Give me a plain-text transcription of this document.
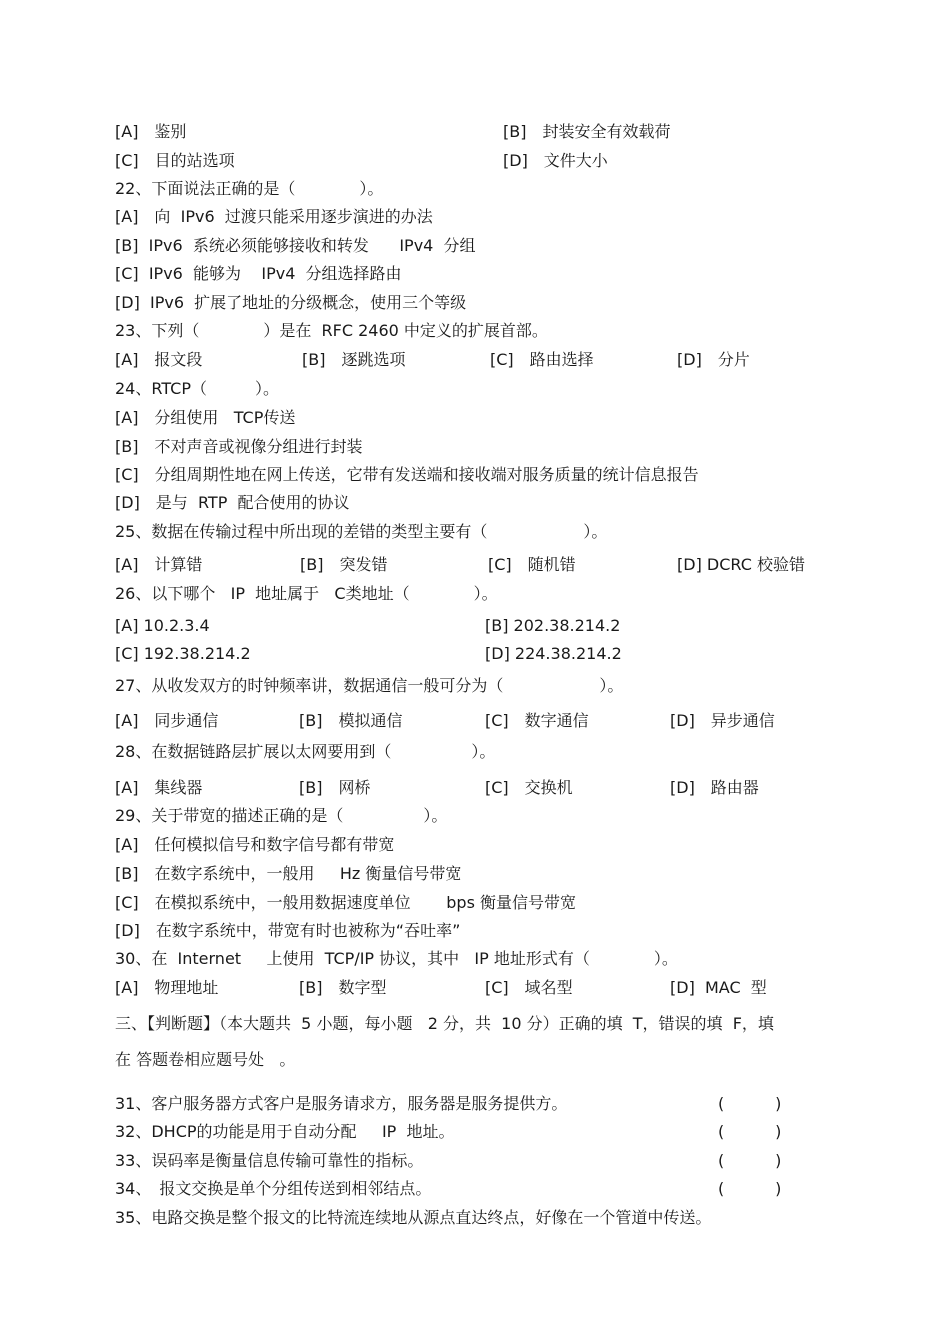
[A]　鉴别	[B]　封装安全有效载荷
[C]　目的站选项	[D]　文件大小
22、下面说法正确的是（　　　　）。
[A]　向  IPv6  过渡只能采用逐步演进的办法
[B]  IPv6  系统必须能够接收和转发      IPv4  分组
[C]  IPv6  能够为    IPv4  分组选择路由
[D]  IPv6  扩展了地址的分级概念，使用三个等级
23、下列（　　　　）是在  RFC 2460 中定义的扩展首部。
[A]　报文段	[B]　逐跳选项	[C]　路由选择	[D]　分片
24、RTCP（　　　）。
[A]　分组使用   TCP传送
[B]　不对声音或视像分组进行封装
[C]　分组周期性地在网上传送，它带有发送端和接收端对服务质量的统计信息报告
[D]　是与  RTP  配合使用的协议
25、数据在传输过程中所出现的差错的类型主要有（　　　　　　）。
[A]　计算错	[B]　突发错	[C]　随机错	[D] DCRC 校验错
26、以下哪个   IP  地址属于   C类地址（　　　　）。
[A] 10.2.3.4	[B] 202.38.214.2
[C] 192.38.214.2	[D] 224.38.214.2
27、从收发双方的时钟频率讲，数据通信一般可分为（　　　　　　）。
[A]　同步通信	[B]　模拟通信	[C]　数字通信	[D]　异步通信
28、在数据链路层扩展以太网要用到（　　　　　）。
[A]　集线器	[B]　网桥	[C]　交换机	[D]　路由器
29、关于带宽的描述正确的是（　　　　　）。
[A]　任何模拟信号和数字信号都有带宽
[B]　在数字系统中，一般用     Hz 衡量信号带宽
[C]　在模拟系统中，一般用数据速度单位       bps 衡量信号带宽
[D]　在数字系统中，带宽有时也被称为“吞吐率”
30、在  Internet     上使用  TCP/IP 协议，其中   IP 地址形式有（　　　　）。
[A]　物理地址	[B]　数字型	[C]　域名型	[D]  MAC  型
三、【判断题】（本大题共  5 小题，每小题   2 分，共  10 分）正确的填  T，错误的填  F，填
在 答题卷相应题号处   。
31、客户服务器方式客户是服务请求方，服务器是服务提供方。	(          )
32、DHCP的功能是用于自动分配     IP  地址。	(          )
33、误码率是衡量信息传输可靠性的指标。	(          )
34、　报文交换是单个分组传送到相邻结点。	(          )
35、电路交换是整个报文的比特流连续地从源点直达终点，好像在一个管道中传送。
